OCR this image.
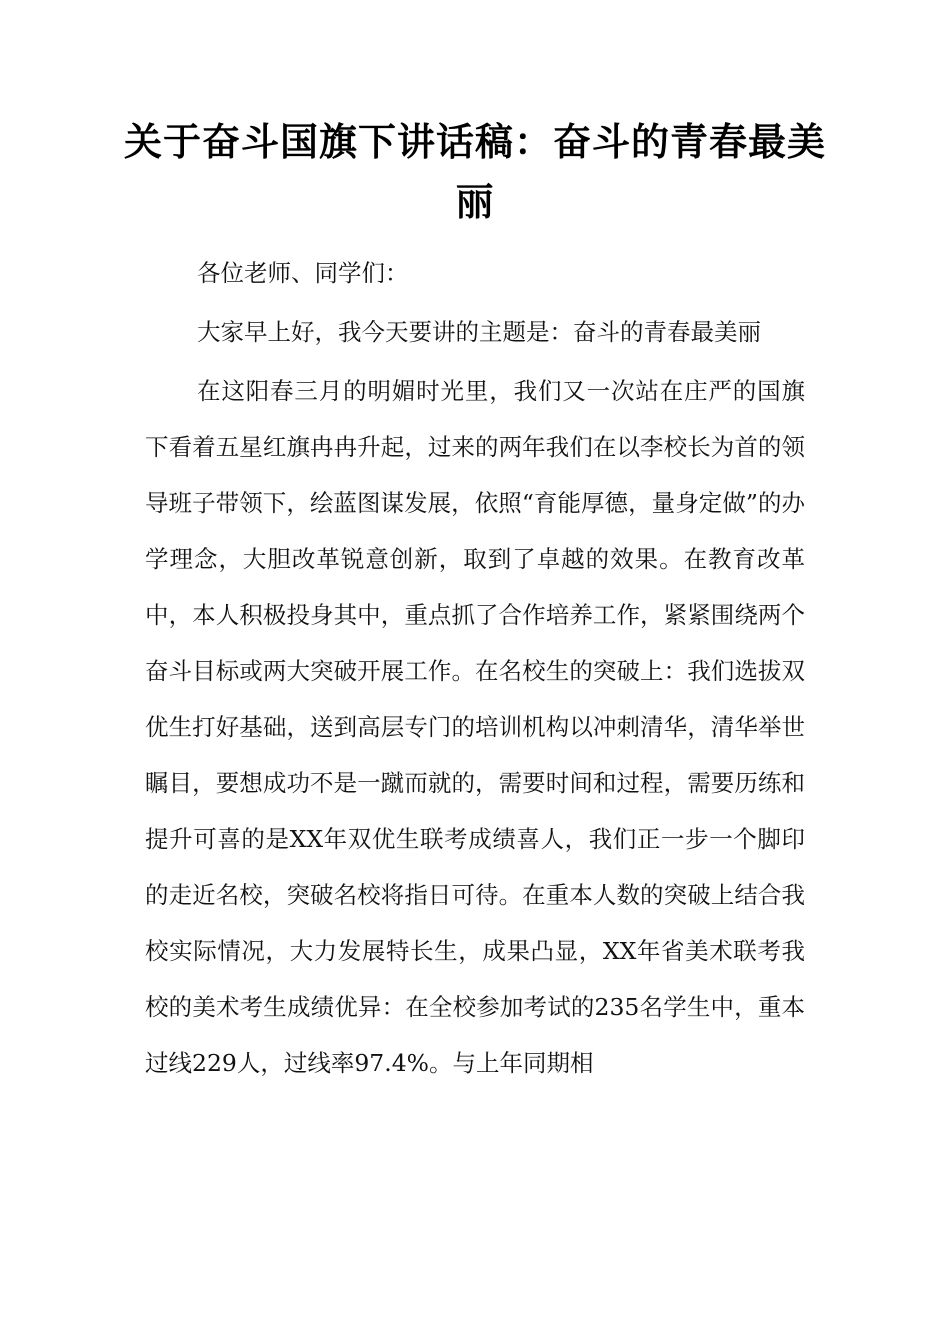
关于奋斗国旗下讲话稿：奋斗的青春最美丽

各位老师、同学们：

大家早上好，我今天要讲的主题是：奋斗的青春最美丽

在这阳春三月的明媚时光里，我们又一次站在庄严的国旗下看着五星红旗冉冉升起，过来的两年我们在以李校长为首的领导班子带领下，绘蓝图谋发展，依照“育能厚德，量身定做”的办学理念，大胆改革锐意创新，取到了卓越的效果。在教育改革中，本人积极投身其中，重点抓了合作培养工作，紧紧围绕两个奋斗目标或两大突破开展工作。在名校生的突破上：我们选拔双优生打好基础，送到高层专门的培训机构以冲刺清华，清华举世瞩目，要想成功不是一蹴而就的，需要时间和过程，需要历练和提升可喜的是XX年双优生联考成绩喜人，我们正一步一个脚印的走近名校，突破名校将指日可待。在重本人数的突破上结合我校实际情况，大力发展特长生，成果凸显，XX年省美术联考我校的美术考生成绩优异：在全校参加考试的235名学生中，重本过线229人，过线率97.4%。与上年同期相
